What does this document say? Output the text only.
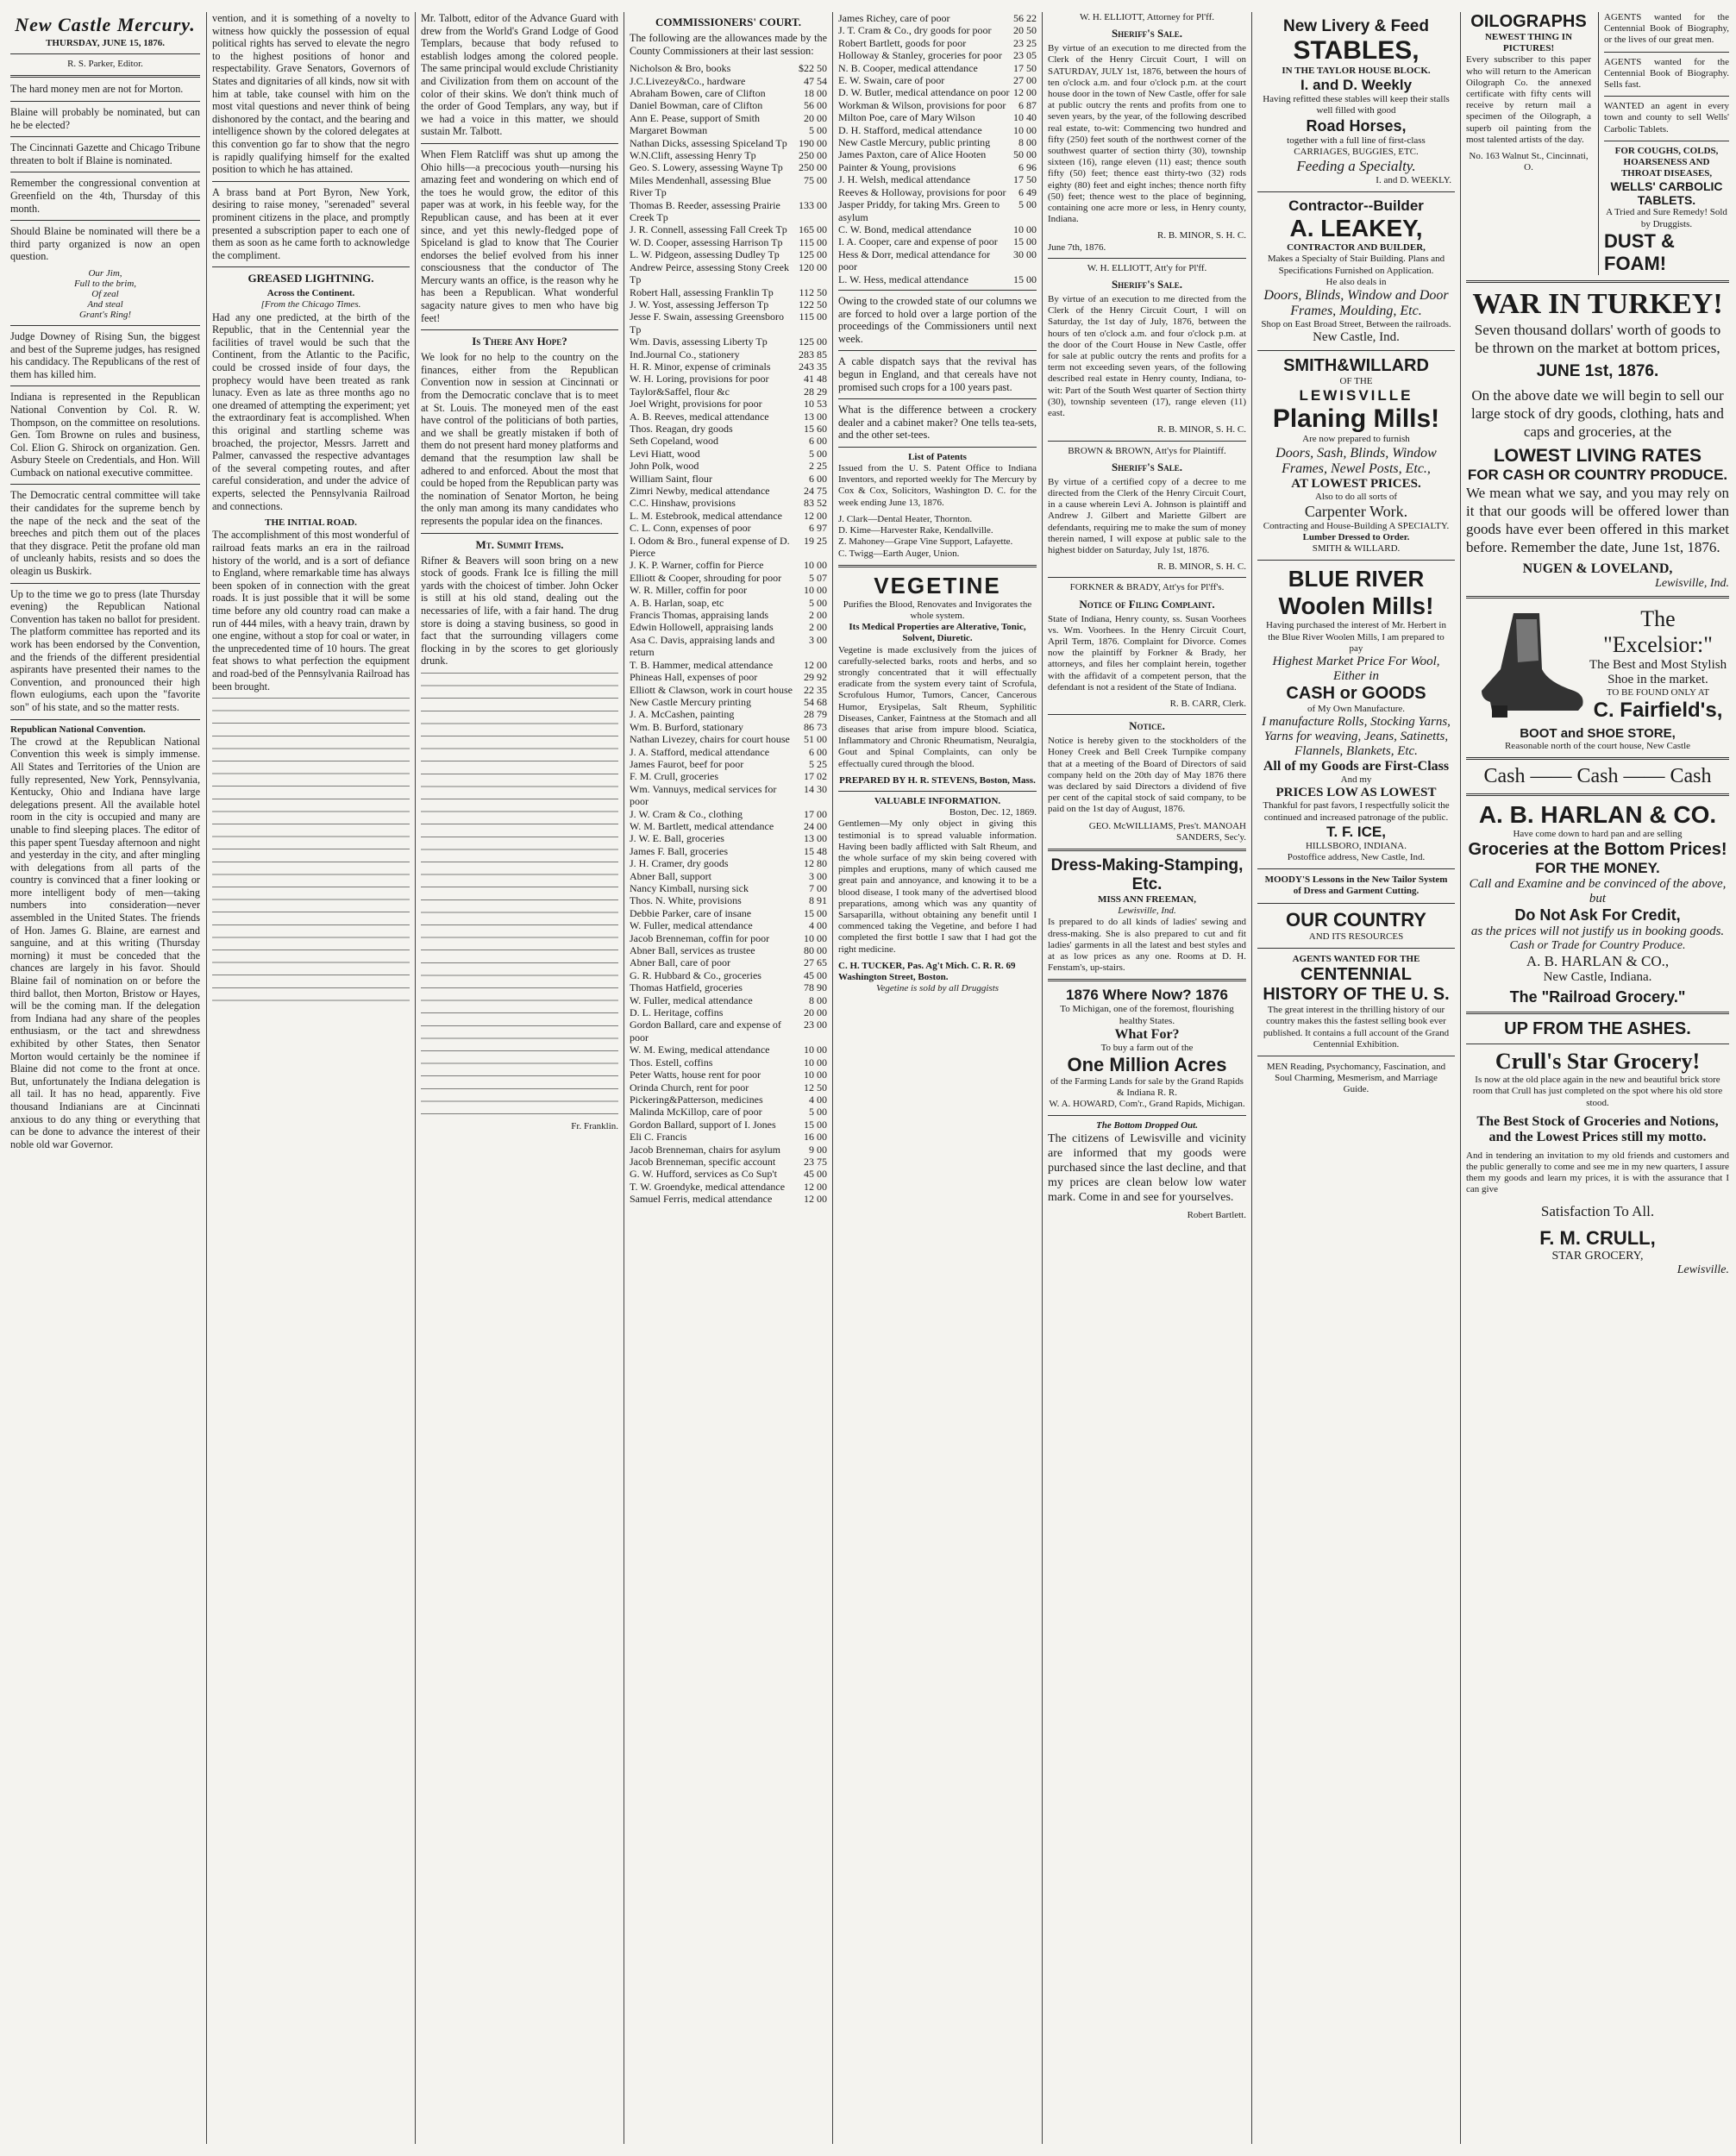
New Castle Mercury.
THURSDAY, JUNE 15, 1876.
R. S. Parker, Editor.

The hard money men are not for Morton.

Blaine will probably be nominated, but can he be elected?

The Cincinnati Gazette and Chicago Tribune threaten to bolt if Blaine is nominated.

Remember the congressional convention at Greenfield on the 4th, Thursday of this month.

Should Blaine be nominated will there be a third party organized is now an open question.

Our Jim,
Full to the brim,
Of zeal
And steal
Grant's Ring!

Judge Downey of Rising Sun, the biggest and best of the Supreme judges, has resigned his candidacy. The Republicans of the rest of them has killed him.

Indiana is represented in the Republican National Convention by Col. R. W. Thompson, on the committee on resolutions. Gen. Tom Browne on rules and business, Col. Elion G. Shirock on organization. Gen. Asbury Steele on Credentials, and Hon. Will Cumback on national executive committee.

The Democratic central committee will take their candidates for the supreme bench by the nape of the neck and the seat of the breeches and pitch them out of the places that they disgrace. Petit the profane old man of uncleanly habits, resists and so does the oleagin us Buskirk.

Up to the time we go to press (late Thursday evening) the Republican National Convention has taken no ballot for president. The platform committee has reported and its work has been endorsed by the Convention, and the friends of the different presidential aspirants have presented their names to the Convention, and pronounced their high flown eulogiums, each upon the "favorite son" of his state, and so the matter rests.

Republican National Convention.

The crowd at the Republican National Convention this week is simply immense. All States and Territories of the Union are fully represented, New York, Pennsylvania, Kentucky, Ohio and Indiana have large delegations present. All the available hotel room in the city is occupied and many are unable to find sleeping places. The editor of this paper spent Tuesday afternoon and night and yesterday in the city, and after mingling with delegations from all parts of the country is convinced that a finer looking or more intelligent body of men—taking numbers into consideration—never assembled in the United States. The friends of Hon. James G. Blaine, are earnest and sanguine, and at this writing (Thursday morning) it must be conceded that the chances are largely in his favor. Should Blaine fail of nomination on or before the third ballot, then Morton, Bristow or Hayes, will be the coming man. If the delegation from Indiana had any share of the peoples enthusiasm, or the tact and shrewdness exhibited by other States, then Senator Morton would certainly be the nominee if Blaine did not come to the front at once. But, unfortunately the Indiana delegation is all tail. It has no head, apparently. Five thousand Indianians are at Cincinnati anxious to do any thing or everything that can be done to advance the interest of their noble old war Governor.

vention, and it is something of a novelty to witness how quickly the possession of equal political rights has served to elevate the negro to the highest positions of honor and respectability. Grave Senators, Governors of States and dignitaries of all kinds, now sit with him at table, take counsel with him on the most vital questions and never think of being dishonored by the contact, and the bearing and intelligence shown by the colored delegates at this convention go far to show that the negro is rapidly qualifying himself for the exalted position to which he has attained.

A brass band at Port Byron, New York, desiring to raise money, "serenaded" several prominent citizens in the place, and promptly presented a subscription paper to each one of them as soon as he came forth to acknowledge the compliment.

GREASED LIGHTNING.
Across the Continent.
[From the Chicago Times.

Had any one predicted, at the birth of the Republic, that in the Centennial year the facilities of travel would be such that the Continent, from the Atlantic to the Pacific, could be crossed inside of four days, the prophecy would have been treated as rank lunacy. Even as late as three months ago no one dreamed of attempting the experiment; yet the extraordinary feat is accomplished. When this original and startling scheme was broached, the projector, Messrs. Jarrett and Palmer, canvassed the respective advantages of the several competing routes, and after careful consideration, and under the advice of experts, selected the Pennsylvania Railroad and connections.

THE INITIAL ROAD.

The accomplishment of this most wonderful of railroad feats marks an era in the railroad history of the world, and is a sort of defiance to England, where remarkable time has always been spoken of in connection with the great roads. It is just possible that it will be some time before any old country road can make a run of 444 miles, with a heavy train, drawn by one engine, without a stop for coal or water, in the unprecedented time of 10 hours. The great feat shows to what perfection the equipment and road-bed of the Pennsylvania Railroad has been brought.

Mr. Talbott, editor of the Advance Guard with drew from the World's Grand Lodge of Good Templars, because that body refused to establish lodges among the colored people. The same principal would exclude Christianity and Civilization from them on account of the color of their skins. We don't think much of the order of Good Templars, any way, but if we had a voice in this matter, we should sustain Mr. Talbott.

When Flem Ratcliff was shut up among the Ohio hills—a precocious youth—nursing his amazing feet and wondering on which end of the toes he would grow, the editor of this paper was at work, in his feeble way, for the Republican cause, and has been at it ever since, and yet this newly-fledged pope of Spiceland is glad to know that The Courier endorses the belief evolved from his inner consciousness that the conductor of The Mercury wants an office, is the reason why he has been a Republican. What wonderful sagacity nature gives to men who have big feet!

Is There Any Hope?

We look for no help to the country on the finances, either from the Republican Convention now in session at Cincinnati or from the Democratic conclave that is to meet at St. Louis. The moneyed men of the east have control of the politicians of both parties, and we shall be greatly mistaken if both of them do not present hard money platforms and demand that the resumption law shall be adhered to and enforced. About the most that could be hoped from the Republican party was the nomination of Senator Morton, he being the only man among its many candidates who represents the popular idea on the finances.

Mt. Summit Items.

Rifner & Beavers will soon bring on a new stock of goods. Frank Ice is filling the mill yards with the choicest of timber. John Ocker is still at his old stand, dealing out the necessaries of life, with a fair hand. The drug store is doing a staving business, so good in fact that the surrounding villagers come flocking in by the scores to get gloriously drunk.

Fr. Franklin.
COMMISSIONERS' COURT.

The following are the allowances made by the County Commissioners at their last session:

Nicholson & Bro, books	$22 50
J.C.Livezey&Co., hardware	47 54
Abraham Bowen, care of Clifton	18 00
Daniel Bowman, care of Clifton	56 00
Ann E. Pease, support of Smith	20 00
Margaret Bowman	5 00
Nathan Dicks, assessing Spiceland Tp	190 00
W.N.Clift, assessing Henry Tp	250 00
Geo. S. Lowery, assessing Wayne Tp	250 00
Miles Mendenhall, assessing Blue River Tp	75 00
Thomas B. Reeder, assessing Prairie Creek Tp	133 00
J. R. Connell, assessing Fall Creek Tp	165 00
W. D. Cooper, assessing Harrison Tp	115 00
L. W. Pidgeon, assessing Dudley Tp	125 00
Andrew Peirce, assessing Stony Creek Tp	120 00
Robert Hall, assessing Franklin Tp	112 50
J. W. Yost, assessing Jefferson Tp	122 50
Jesse F. Swain, assessing Greensboro Tp	115 00
Wm. Davis, assessing Liberty Tp	125 00
Ind.Journal Co., stationery	283 85
H. R. Minor, expense of criminals	243 35
W. H. Loring, provisions for poor	41 48
Taylor&Saffel, flour &c	28 29
Joel Wright, provisions for poor	10 53
A. B. Reeves, medical attendance	13 00
Thos. Reagan, dry goods	15 60
Seth Copeland, wood	6 00
Levi Hiatt, wood	5 00
John Polk, wood	2 25
William Saint, flour	6 00
Zimri Newby, medical attendance	24 75
C.C. Hinshaw, provisions	83 52
L. M. Estebrook, medical attendance	12 00
C. L. Conn, expenses of poor	6 97
I. Odom & Bro., funeral expense of D. Pierce	19 25
J. K. P. Warner, coffin for Pierce	10 00
Elliott & Cooper, shrouding for poor	5 07
W. R. Miller, coffin for poor	10 00
A. B. Harlan, soap, etc	5 00
Francis Thomas, appraising lands	2 00
Edwin Hollowell, appraising lands	2 00
Asa C. Davis, appraising lands and return	3 00
T. B. Hammer, medical attendance	12 00
Phineas Hall, expenses of poor	29 92
Elliott & Clawson, work in court house	22 35
New Castle Mercury printing	54 68
J. A. McCashen, painting	28 79
Wm. B. Burford, stationary	86 73
Nathan Livezey, chairs for court house	51 00
J. A. Stafford, medical attendance	6 00
James Faurot, beef for poor	5 25
F. M. Crull, groceries	17 02
Wm. Vannuys, medical services for poor	14 30
J. W. Cram & Co., clothing	17 00
W. M. Bartlett, medical attendance	24 00
J. W. E. Ball, groceries	13 00
James F. Ball, groceries	15 48
J. H. Cramer, dry goods	12 80
Abner Ball, support	3 00
Nancy Kimball, nursing sick	7 00
Thos. N. White, provisions	8 91
Debbie Parker, care of insane	15 00
W. Fuller, medical attendance	4 00
Jacob Brenneman, coffin for poor	10 00
Abner Ball, services as trustee	80 00
Abner Ball, care of poor	27 65
G. R. Hubbard & Co., groceries	45 00
Thomas Hatfield, groceries	78 90
W. Fuller, medical attendance	8 00
D. L. Heritage, coffins	20 00
Gordon Ballard, care and expense of poor	23 00
W. M. Ewing, medical attendance	10 00
Thos. Estell, coffins	10 00
Peter Watts, house rent for poor	10 00
Orinda Church, rent for poor	12 50
Pickering&Patterson, medicines	4 00
Malinda McKillop, care of poor	5 00
Gordon Ballard, support of I. Jones	15 00
Eli C. Francis	16 00
Jacob Brenneman, chairs for asylum	9 00
Jacob Brenneman, specific account	23 75
G. W. Hufford, services as Co Sup't	45 00
T. W. Groendyke, medical attendance	12 00
Samuel Ferris, medical attendance	12 00
James Richey, care of poor	56 22
J. T. Cram & Co., dry goods for poor	20 50
Robert Bartlett, goods for poor	23 25
Holloway & Stanley, groceries for poor	23 05
N. B. Cooper, medical attendance	17 50
E. W. Swain, care of poor	27 00
D. W. Butler, medical attendance on poor	12 00
Workman & Wilson, provisions for poor	6 87
Milton Poe, care of Mary Wilson	10 40
D. H. Stafford, medical attendance	10 00
New Castle Mercury, public printing	8 00
James Paxton, care of Alice Hooten	50 00
Painter & Young, provisions	6 96
J. H. Welsh, medical attendance	17 50
Reeves & Holloway, provisions for poor	6 49
Jasper Priddy, for taking Mrs. Green to asylum	5 00
C. W. Bond, medical attendance	10 00
I. A. Cooper, care and expense of poor	15 00
Hess & Dorr, medical attendance for poor	30 00
L. W. Hess, medical attendance	15 00

Owing to the crowded state of our columns we are forced to hold over a large portion of the proceedings of the Commissioners until next week.

A cable dispatch says that the revival has begun in England, and that cereals have not promised such crops for a 100 years past.

What is the difference between a crockery dealer and a cabinet maker? One tells tea-sets, and the other set-tees.

List of Patents

Issued from the U. S. Patent Office to Indiana Inventors, and reported weekly for The Mercury by Cox & Cox, Solicitors, Washington D. C. for the week ending June 13, 1876.

J. Clark—Dental Heater, Thornton.
D. Kime—Harvester Rake, Kendallville.
Z. Mahoney—Grape Vine Support, Lafayette.
C. Twigg—Earth Auger, Union.
VEGETINE
Purifies the Blood, Renovates and Invigorates the whole system.
Its Medical Properties are Alterative, Tonic, Solvent, Diuretic.

Vegetine is made exclusively from the juices of carefully-selected barks, roots and herbs, and so strongly concentrated that it will effectually eradicate from the system every taint of Scrofula, Scrofulous Humor, Tumors, Cancer, Cancerous Humor, Erysipelas, Salt Rheum, Syphilitic Diseases, Canker, Faintness at the Stomach and all diseases that arise from impure blood. Sciatica, Inflammatory and Chronic Rheumatism, Neuralgia, Gout and Spinal Complaints, can only be effectually cured through the blood.

PREPARED BY H. R. STEVENS, Boston, Mass.
VALUABLE INFORMATION.
Boston, Dec. 12, 1869.

Gentlemen—My only object in giving this testimonial is to spread valuable information. Having been badly afflicted with Salt Rheum, and the whole surface of my skin being covered with pimples and eruptions, many of which caused me great pain and annoyance, and knowing it to be a blood disease, I took many of the advertised blood preparations, among which was any quantity of Sarsaparilla, without obtaining any benefit until I commenced taking the Vegetine, and before I had completed the first bottle I saw that I had got the right medicine.

C. H. TUCKER, Pas. Ag't Mich. C. R. R. 69 Washington Street, Boston.
Vegetine is sold by all Druggists
W. H. ELLIOTT, Attorney for Pl'ff.
Sheriff's Sale.

By virtue of an execution to me directed from the Clerk of the Henry Circuit Court, I will on SATURDAY, JULY 1st, 1876, between the hours of ten o'clock a.m. and four o'clock p.m. at the court house door in the town of New Castle, offer for sale at public outcry the rents and profits from one to seven years, by the year, of the following described real estate, to-wit: Commencing two hundred and fifty (250) feet south of the northwest corner of the southwest quarter of section thirty (30), township sixteen (16), range eleven (11) east; thence south fifty (50) feet; thence east thirty-two (32) rods eighty (80) feet and eight inches; thence north fifty (50) feet; thence west to the place of beginning, containing one acre more or less, in Henry county, Indiana.

R. B. MINOR, S. H. C.
June 7th, 1876.
W. H. ELLIOTT, Att'y for Pl'ff.
Sheriff's Sale.

By virtue of an execution to me directed from the Clerk of the Henry Circuit Court, I will on Saturday, the 1st day of July, 1876, between the hours of ten o'clock a.m. and four o'clock p.m. at the door of the Court House in New Castle, offer for sale at public outcry the rents and profits for a term not exceeding seven years, of the following described real estate in Henry county, Indiana, to-wit: Part of the South West quarter of Section thirty (30), township seventeen (17), range eleven (11) east.

R. B. MINOR, S. H. C.
BROWN & BROWN, Att'ys for Plaintiff.
Sheriff's Sale.

By virtue of a certified copy of a decree to me directed from the Clerk of the Henry Circuit Court, in a cause wherein Levi A. Johnson is plaintiff and Andrew J. Gilbert and Mariette Gilbert are defendants, requiring me to make the sum of money therein named, I will expose at public sale to the highest bidder on Saturday, July 1st, 1876.

R. B. MINOR, S. H. C.
FORKNER & BRADY, Att'ys for Pl'ff's.
Notice of Filing Complaint.

State of Indiana, Henry county, ss. Susan Voorhees vs. Wm. Voorhees. In the Henry Circuit Court, April Term, 1876. Complaint for Divorce. Comes now the plaintiff by Forkner & Brady, her attorneys, and files her complaint herein, together with the affidavit of a competent person, that the defendant is not a resident of the State of Indiana.

R. B. CARR, Clerk.
Notice.

Notice is hereby given to the stockholders of the Honey Creek and Bell Creek Turnpike company that at a meeting of the Board of Directors of said company held on the 20th day of May 1876 there was declared by said Directors a dividend of five per cent of the capital stock of said company, to be paid on the 1st day of August, 1876.

GEO. McWILLIAMS, Pres't. MANOAH SANDERS, Sec'y.
Dress-Making-Stamping, Etc.
MISS ANN FREEMAN,
Lewisville, Ind.

Is prepared to do all kinds of ladies' sewing and dress-making. She is also prepared to cut and fit ladies' garments in all the latest and best styles and at as low prices as any one. Rooms at D. H. Fenstam's, up-stairs.

1876 Where Now? 1876
To Michigan, one of the foremost, flourishing healthy States.
What For?
To buy a farm out of the
One Million Acres
of the Farming Lands for sale by the Grand Rapids & Indiana R. R.
W. A. HOWARD, Com'r., Grand Rapids, Michigan.
The Bottom Dropped Out.

The citizens of Lewisville and vicinity are informed that my goods were purchased since the last decline, and that my prices are clean below low water mark. Come in and see for yourselves.

Robert Bartlett.
New Livery & Feed
STABLES,
IN THE TAYLOR HOUSE BLOCK.
I. and D. Weekly
Having refitted these stables will keep their stalls well filled with good
Road Horses,
together with a full line of first-class CARRIAGES, BUGGIES, ETC.
Feeding a Specialty.
I. and D. WEEKLY.
Contractor--Builder
A. LEAKEY,
CONTRACTOR AND BUILDER,
Makes a Specialty of Stair Building. Plans and Specifications Furnished on Application.
He also deals in
Doors, Blinds, Window and Door Frames, Moulding, Etc.
Shop on East Broad Street, Between the railroads.
New Castle, Ind.
SMITH&WILLARD
OF THE
LEWISVILLE
Planing Mills!
Are now prepared to furnish
Doors, Sash, Blinds, Window Frames, Newel Posts, Etc.,
AT LOWEST PRICES.
Also to do all sorts of
Carpenter Work.
Contracting and House-Building A SPECIALTY.
Lumber Dressed to Order.
SMITH & WILLARD.
BLUE RIVER
Woolen Mills!
Having purchased the interest of Mr. Herbert in the Blue River Woolen Mills, I am prepared to pay
Highest Market Price For Wool, Either in
CASH or GOODS
of My Own Manufacture.
I manufacture Rolls, Stocking Yarns, Yarns for weaving, Jeans, Satinetts, Flannels, Blankets, Etc.
All of my Goods are First-Class
And my
PRICES LOW AS LOWEST
Thankful for past favors, I respectfully solicit the continued and increased patronage of the public.
T. F. ICE,
HILLSBORO, INDIANA.
Postoffice address, New Castle, Ind.
MOODY'S Lessons in the New Tailor System of Dress and Garment Cutting.
OUR COUNTRY
AND ITS RESOURCES
AGENTS WANTED FOR THE
CENTENNIAL HISTORY OF THE U. S.
The great interest in the thrilling history of our country makes this the fastest selling book ever published. It contains a full account of the Grand Centennial Exhibition.
MEN Reading, Psychomancy, Fascination, and Soul Charming, Mesmerism, and Marriage Guide.
OILOGRAPHS
NEWEST THING IN PICTURES!

Every subscriber to this paper who will return to the American Oilograph Co. the annexed certificate with fifty cents will receive by return mail a specimen of the Oilograph, a superb oil painting from the most talented artists of the day.

No. 163 Walnut St., Cincinnati, O.

AGENTS wanted for the Centennial Book of Biography, or the lives of our great men.

AGENTS wanted for the Centennial Book of Biography. Sells fast.

WANTED an agent in every town and county to sell Wells' Carbolic Tablets.

FOR COUGHS, COLDS, HOARSENESS AND THROAT DISEASES,
WELLS' CARBOLIC TABLETS.
A Tried and Sure Remedy! Sold by Druggists.
DUST & FOAM!
WAR IN TURKEY!
Seven thousand dollars' worth of goods to be thrown on the market at bottom prices,
JUNE 1st, 1876.
On the above date we will begin to sell our large stock of dry goods, clothing, hats and caps and groceries, at the
LOWEST LIVING RATES
FOR CASH OR COUNTRY PRODUCE.
We mean what we say, and you may rely on it that our goods will be offered lower than goods have ever been offered in this market before. Remember the date, June 1st, 1876.
NUGEN & LOVELAND,
Lewisville, Ind.
The "Excelsior:"
The Best and Most Stylish Shoe in the market.
TO BE FOUND ONLY AT
C. Fairfield's,
BOOT and SHOE STORE,
Reasonable north of the court house, New Castle
Cash —— Cash —— Cash
A. B. HARLAN & CO.
Have come down to hard pan and are selling
Groceries at the Bottom Prices!
FOR THE MONEY.
Call and Examine and be convinced of the above, but
Do Not Ask For Credit,
as the prices will not justify us in booking goods.
Cash or Trade for Country Produce.
A. B. HARLAN & CO.,
New Castle, Indiana.
The "Railroad Grocery."
UP FROM THE ASHES.
Crull's Star Grocery!
Is now at the old place again in the new and beautiful brick store room that Crull has just completed on the spot where his old store stood.
The Best Stock of Groceries and Notions, and the Lowest Prices still my motto.
And in tendering an invitation to my old friends and customers and the public generally to come and see me in my new quarters, I assure them my goods and learn my prices, it is with the assurance that I can give
Satisfaction To All.
F. M. CRULL,
STAR GROCERY,
Lewisville.
